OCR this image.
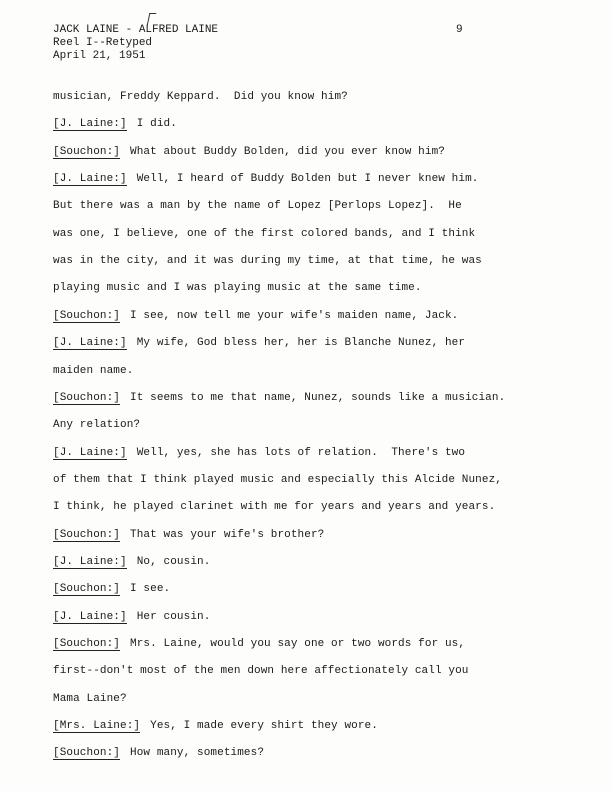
JACK LAINE - ALFRED LAINE
Reel I--Retyped
April 21, 1951
9
musician, Freddy Keppard.  Did you know him?
[J. Laine:] I did.
[Souchon:] What about Buddy Bolden, did you ever know him?
[J. Laine:] Well, I heard of Buddy Bolden but I never knew him.
But there was a man by the name of Lopez [Perlops Lopez].  He
was one, I believe, one of the first colored bands, and I think
was in the city, and it was during my time, at that time, he was
playing music and I was playing music at the same time.
[Souchon:] I see, now tell me your wife's maiden name, Jack.
[J. Laine:] My wife, God bless her, her is Blanche Nunez, her
maiden name.
[Souchon:] It seems to me that name, Nunez, sounds like a musician.
Any relation?
[J. Laine:] Well, yes, she has lots of relation.  There's two
of them that I think played music and especially this Alcide Nunez,
I think, he played clarinet with me for years and years and years.
[Souchon:] That was your wife's brother?
[J. Laine:] No, cousin.
[Souchon:] I see.
[J. Laine:] Her cousin.
[Souchon:] Mrs. Laine, would you say one or two words for us,
first--don't most of the men down here affectionately call you
Mama Laine?
[Mrs. Laine:] Yes, I made every shirt they wore.
[Souchon:] How many, sometimes?
